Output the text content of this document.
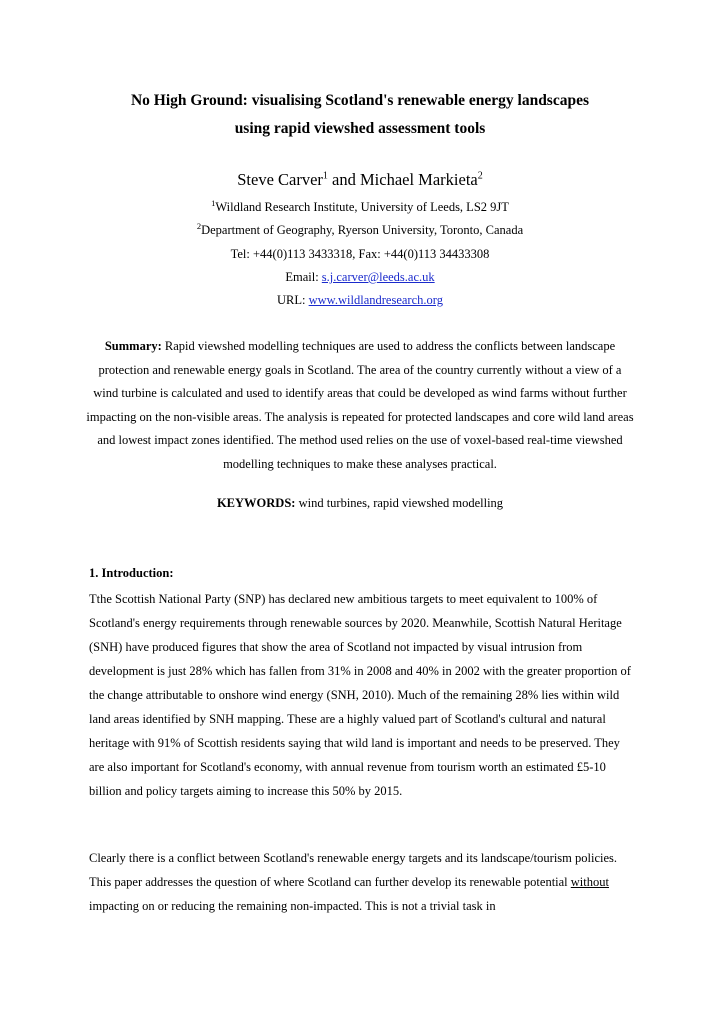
No High Ground: visualising Scotland's renewable energy landscapes
using rapid viewshed assessment tools
Steve Carver$^1$ and Michael Markieta$^2$
$^1$Wildland Research Institute, University of Leeds, LS2 9JT
$^2$Department of Geography, Ryerson University, Toronto, Canada
Tel: +44(0)113 3433318, Fax: +44(0)113 34433308
Email: s.j.carver@leeds.ac.uk
URL: www.wildlandresearch.org
Summary: Rapid viewshed modelling techniques are used to address the conflicts between landscape protection and renewable energy goals in Scotland. The area of the country currently without a view of a wind turbine is calculated and used to identify areas that could be developed as wind farms without further impacting on the non-visible areas. The analysis is repeated for protected landscapes and core wild land areas and lowest impact zones identified. The method used relies on the use of voxel-based real-time viewshed modelling techniques to make these analyses practical.
KEYWORDS: wind turbines, rapid viewshed modelling
1. Introduction:
Tthe Scottish National Party (SNP) has declared new ambitious targets to meet equivalent to 100% of Scotland's energy requirements through renewable sources by 2020. Meanwhile, Scottish Natural Heritage (SNH) have produced figures that show the area of Scotland not impacted by visual intrusion from development is just 28% which has fallen from 31% in 2008 and 40% in 2002 with the greater proportion of the change attributable to onshore wind energy (SNH, 2010). Much of the remaining 28% lies within wild land areas identified by SNH mapping. These are a highly valued part of Scotland's cultural and natural heritage with 91% of Scottish residents saying that wild land is important and needs to be preserved. They are also important for Scotland's economy, with annual revenue from tourism worth an estimated £5-10 billion and policy targets aiming to increase this 50% by 2015.
Clearly there is a conflict between Scotland's renewable energy targets and its landscape/tourism policies. This paper addresses the question of where Scotland can further develop its renewable potential without impacting on or reducing the remaining non-impacted. This is not a trivial task in
